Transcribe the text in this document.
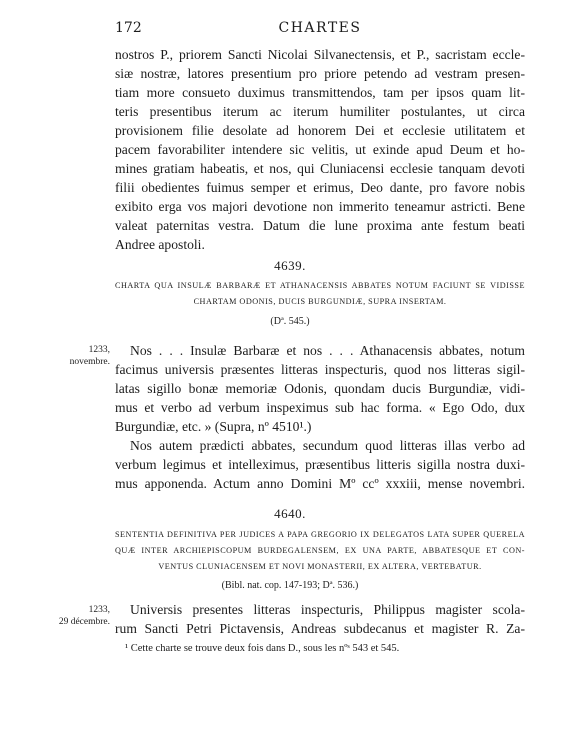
172	CHARTES
nostros P., priorem Sancti Nicolai Silvanectensis, et P., sacristam eccle-
siæ nostræ, latores presentium pro priore petendo ad vestram presen-
tiam more consueto duximus transmittendos, tam per ipsos quam lit-
teris presentibus iterum ac iterum humiliter postulantes, ut circa
provisionem filie desolate ad honorem Dei et ecclesie utilitatem et
pacem favorabiliter intendere sic velitis, ut exinde apud Deum et ho-
mines gratiam habeatis, et nos, qui Cluniacensi ecclesie tanquam devoti
filii obedientes fuimus semper et erimus, Deo dante, pro favore nobis
exibito erga vos majori devotione non immerito teneamur astricti. Bene
valeat paternitas vestra. Datum die lune proxima ante festum beati
Andree apostoli.
4639.
CHARTA QUA INSULÆ BARBARÆ ET ATHANACENSIS ABBATES NOTUM FACIUNT SE VIDISSE
CHARTAM ODONIS, DUCIS BURGUNDIÆ, SUPRA INSERTAM.
(Dª. 545.)
1233,
novembre.
Nos . . . Insulæ Barbaræ et nos . . . Athanacensis abbates, notum
facimus universis præsentes litteras inspecturis, quod nos litteras sigil-
latas sigillo bonæ memoriæ Odonis, quondam ducis Burgundiæ, vidi-
mus et verbo ad verbum inspeximus sub hac forma. « Ego Odo, dux
Burgundiæ, etc. » (Supra, nº 4510¹.)
Nos autem prædicti abbates, secundum quod litteras illas verbo ad
verbum legimus et intelleximus, præsentibus litteris sigilla nostra duxi-
mus apponenda. Actum anno Domini Mº ccº xxxiii, mense novembri.
4640.
SENTENTIA DEFINITIVA PER JUDICES A PAPA GREGORIO IX DELEGATOS LATA SUPER QUERELA
QUÆ INTER ARCHIEPISCOPUM BURDEGALENSEM, EX UNA PARTE, ABBATESQUE ET CON-
VENTUS CLUNIACENSEM ET NOVI MONASTERII, EX ALTERA, VERTEBATUR.
(Bibl. nat. cop. 147-193; Dª. 536.)
1233,
29 décembre.
Universis presentes litteras inspecturis, Philippus magister scola-
rum Sancti Petri Pictavensis, Andreas subdecanus et magister R. Za-
¹ Cette charte se trouve deux fois dans D., sous les nºˢ 543 et 545.
